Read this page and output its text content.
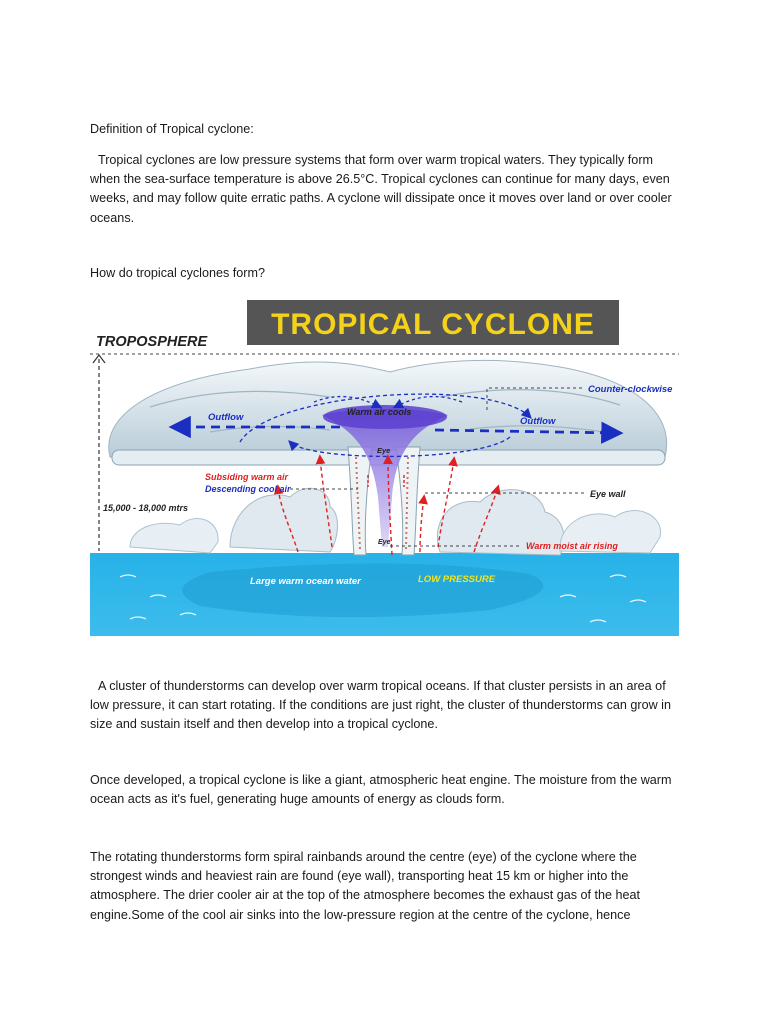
Definition of Tropical cyclone:

Tropical cyclones are low pressure systems that form over warm tropical waters. They typically form when the sea-surface temperature is above 26.5°C. Tropical cyclones can continue for many days, even weeks, and may follow quite erratic paths. A cyclone will dissipate once it moves over land or over cooler oceans.

How do tropical cyclones form?

TROPICAL CYCLONE
TROPOSPHERE
Outflow	Outflow
Warm air cools
Counter-clockwise
Eye
Subsiding warm air
Descending cool air	Eye wall
15,000 - 18,000 mtrs
Eye	Warm moist air rising
Large warm ocean water	LOW PRESSURE

A cluster of thunderstorms can develop over warm tropical oceans. If that cluster persists in an area of low pressure, it can start rotating. If the conditions are just right, the cluster of thunderstorms can grow in size and sustain itself and then develop into a tropical cyclone.

Once developed, a tropical cyclone is like a giant, atmospheric heat engine. The moisture from the warm ocean acts as it's fuel, generating huge amounts of energy as clouds form.

The rotating thunderstorms form spiral rainbands around the centre (eye) of the cyclone where the strongest winds and heaviest rain are found (eye wall), transporting heat 15 km or higher into the atmosphere. The drier cooler air at the top of the atmosphere becomes the exhaust gas of the heat engine.Some of the cool air sinks into the low-pressure region at the centre of the cyclone, hence
